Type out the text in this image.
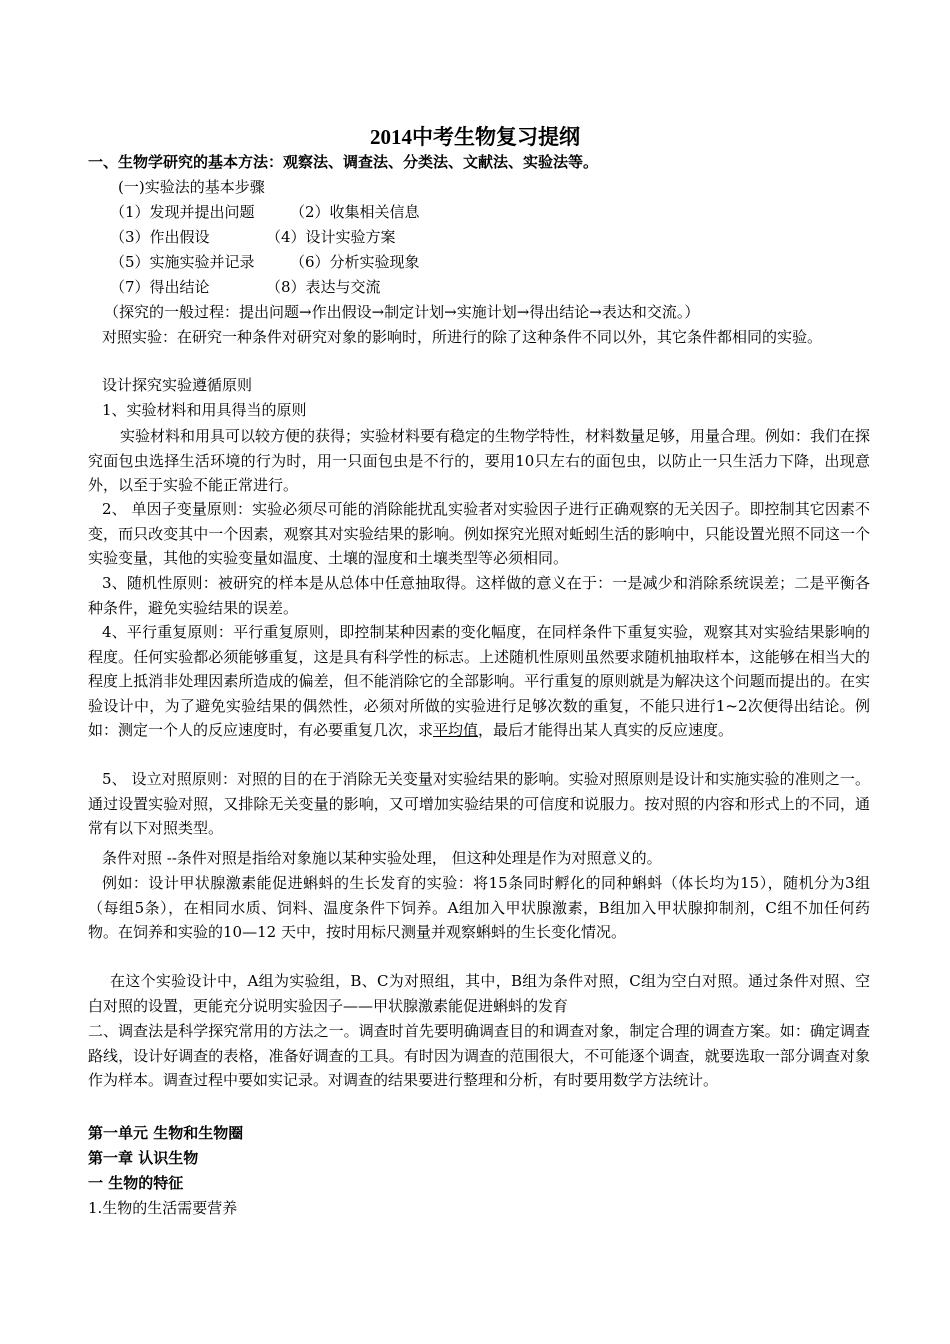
2014中考生物复习提纲
一、生物学研究的基本方法：观察法、调查法、分类法、文献法、实验法等。
(一)实验法的基本步骤
（1）发现并提出问题 （2）收集相关信息
（3）作出假设	（4）设计实验方案
（5）实施实验并记录 （6）分析实验现象
（7）得出结论	（8）表达与交流
（探究的一般过程：提出问题→作出假设→制定计划→实施计划→得出结论→表达和交流。）
对照实验：在研究一种条件对研究对象的影响时，所进行的除了这种条件不同以外，其它条件都相同的实验。
设计探究实验遵循原则
1、实验材料和用具得当的原则
实验材料和用具可以较方便的获得；实验材料要有稳定的生物学特性，材料数量足够，用量合理。例如：我们在探究面包虫选择生活环境的行为时，用一只面包虫是不行的，要用10只左右的面包虫，以防止一只生活力下降，出现意外，以至于实验不能正常进行。
2、 单因子变量原则：实验必须尽可能的消除能扰乱实验者对实验因子进行正确观察的无关因子。即控制其它因素不变，而只改变其中一个因素，观察其对实验结果的影响。例如探究光照对蚯蚓生活的影响中，只能设置光照不同这一个实验变量，其他的实验变量如温度、土壤的湿度和土壤类型等必须相同。
3、随机性原则：被研究的样本是从总体中任意抽取得。这样做的意义在于：一是减少和消除系统误差；二是平衡各种条件，避免实验结果的误差。
4、平行重复原则：平行重复原则，即控制某种因素的变化幅度，在同样条件下重复实验，观察其对实验结果影响的程度。任何实验都必须能够重复，这是具有科学性的标志。上述随机性原则虽然要求随机抽取样本，这能够在相当大的程度上抵消非处理因素所造成的偏差，但不能消除它的全部影响。平行重复的原则就是为解决这个问题而提出的。在实验设计中，为了避免实验结果的偶然性，必须对所做的实验进行足够次数的重复，不能只进行1~2次便得出结论。例如：测定一个人的反应速度时，有必要重复几次，求平均值，最后才能得出某人真实的反应速度。
5、 设立对照原则：对照的目的在于消除无关变量对实验结果的影响。实验对照原则是设计和实施实验的准则之一。通过设置实验对照，又排除无关变量的影响，又可增加实验结果的可信度和说服力。按对照的内容和形式上的不同，通常有以下对照类型。
条件对照 --条件对照是指给对象施以某种实验处理， 但这种处理是作为对照意义的。
例如：设计甲状腺激素能促进蝌蚪的生长发育的实验：将15条同时孵化的同种蝌蚪（体长均为15），随机分为3组（每组5条），在相同水质、饲料、温度条件下饲养。A组加入甲状腺激素，B组加入甲状腺抑制剂，C组不加任何药物。在饲养和实验的10—12 天中，按时用标尺测量并观察蝌蚪的生长变化情况。
在这个实验设计中，A组为实验组，B、C为对照组，其中，B组为条件对照，C组为空白对照。通过条件对照、空白对照的设置，更能充分说明实验因子——甲状腺激素能促进蝌蚪的发育
二、调查法是科学探究常用的方法之一。调查时首先要明确调查目的和调查对象，制定合理的调查方案。如：确定调查路线，设计好调查的表格，准备好调查的工具。有时因为调查的范围很大，不可能逐个调查，就要选取一部分调查对象作为样本。调查过程中要如实记录。对调查的结果要进行整理和分析，有时要用数学方法统计。
第一单元 生物和生物圈
第一章 认识生物
一 生物的特征
1.生物的生活需要营养
